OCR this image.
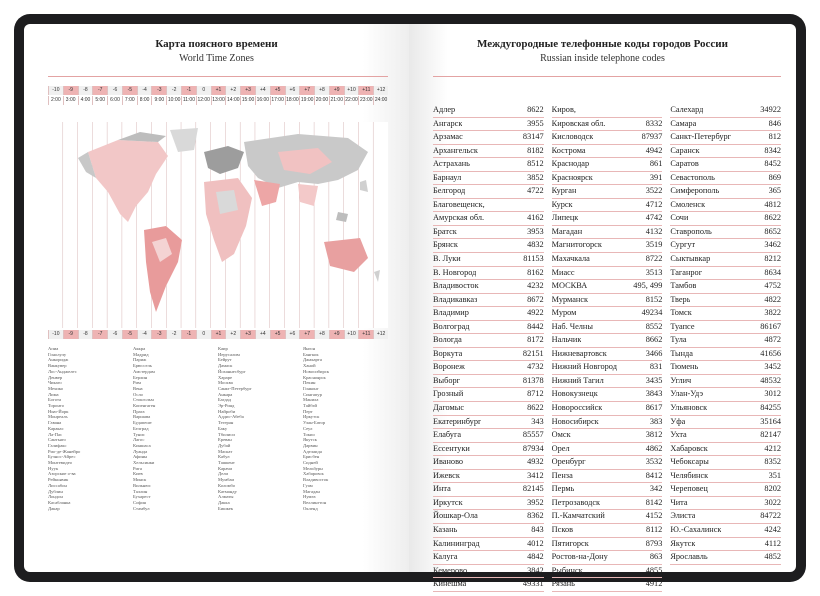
Карта поясного времени
World Time Zones
-10	-9	-8	-7	-6	-5	-4	-3	-2	-1	0	+1	+2	+3	+4	+5	+6	+7	+8	+9	+10	+11	+12
2:00	3:00	4:00	5:00	6:00	7:00	8:00	9:00 10:00 11:00 12:00 13:00 14:00 15:00 16:00 17:00 18:00 19:00 20:00 21:00 22:00 23:00 24:00
-10	-9	-8	-7	-6	-5	-4	-3	-2	-1	0	+1	+2	+3	+4	+5	+6	+7	+8	+9	+10	+11	+12
Апиа
Гонолулу
Анкоридж
Ванкувер
Лос-Анджелес
Денвер
Чикаго
Мехико
Лима
Богота
Торонто
Нью-Йорк
Монреаль
Гавана
Каракас
Ла-Пас
Сантьяго
Галифакс
Рио-де-Жанейро
Буэнос-Айрес
Монтевидео
Нуук
Азорские о-ва
Рейкьявик
Лиссабон
Дублин
Лондон
Касабланка
Дакар
Аккра
Мадрид
Париж
Брюссель
Амстердам
Берлин
Рим
Вена
Осло
Стокгольм
Копенгаген
Прага
Варшава
Будапешт
Белград
Тунис
Лагос
Киншаса
Луанда
Афины
Хельсинки
Рига
Киев
Минск
Вильнюс
Таллин
Бухарест
София
Стамбул
Каир
Иерусалим
Бейрут
Дамаск
Йоханнесбург
Хараре
Москва
Санкт-Петербург
Анкара
Багдад
Эр-Рияд
Найроби
Аддис-Абеба
Тегеран
Баку
Тбилиси
Ереван
Дубай
Маскат
Кабул
Ташкент
Карачи
Дели
Мумбаи
Коломбо
Катманду
Алматы
Дакка
Бишкек
Янгон
Бангкок
Джакарта
Ханой
Новосибирск
Красноярск
Пекин
Гонконг
Сингапур
Манила
Тайбэй
Перт
Иркутск
Улан-Батор
Сеул
Токио
Якутск
Дарвин
Аделаида
Брисбен
Сидней
Мельбурн
Хабаровск
Владивосток
Гуам
Магадан
Нумеа
Веллингтон
Окленд
Междугородные телефонные коды городов России
Russian inside telephone codes
Адлер	8622
Ангарск	3955
Арзамас	83147
Архангельск	8182
Астрахань	8512
Барнаул	3852
Белгород	4722
Благовещенск,
Амурская обл.	4162
Братск	3953
Брянск	4832
В. Луки	81153
В. Новгород	8162
Владивосток	4232
Владикавказ	8672
Владимир	4922
Волгоград	8442
Вологда	8172
Воркута	82151
Воронеж	4732
Выборг	81378
Грозный	8712
Дагомыс	8622
Екатеринбург	343
Елабуга	85557
Ессентуки	87934
Иваново	4932
Ижевск	3412
Инта	82145
Иркутск	3952
Йошкар-Ола	8362
Казань	843
Калининград	4012
Калуга	4842
Кемерово	3842
Кинешма	49331
Киров,
Кировская обл.	8332
Кисловодск	87937
Кострома	4942
Краснодар	861
Красноярск	391
Курган	3522
Курск	4712
Липецк	4742
Магадан	4132
Магнитогорск	3519
Махачкала	8722
Миасс	3513
МОСКВА	495, 499
Мурманск	8152
Муром	49234
Наб. Челны	8552
Нальчик	8662
Нижневартовск	3466
Нижний Новгород	831
Нижний Тагил	3435
Новокузнецк	3843
Новороссийск	8617
Новосибирск	383
Омск	3812
Орел	4862
Оренбург	3532
Пенза	8412
Пермь	342
Петрозаводск	8142
П.-Камчатский	4152
Псков	8112
Пятигорск	8793
Ростов-на-Дону	863
Рыбинск	4855
Рязань	4912
Салехард	34922
Самара	846
Санкт-Петербург	812
Саранск	8342
Саратов	8452
Севастополь	869
Симферополь	365
Смоленск	4812
Сочи	8622
Ставрополь	8652
Сургут	3462
Сыктывкар	8212
Таганрог	8634
Тамбов	4752
Тверь	4822
Томск	3822
Туапсе	86167
Тула	4872
Тында	41656
Тюмень	3452
Углич	48532
Улан-Удэ	3012
Ульяновск	84255
Уфа	35164
Ухта	82147
Хабаровск	4212
Чебоксары	8352
Челябинск	351
Череповец	8202
Чита	3022
Элиста	84722
Ю.-Сахалинск	4242
Якутск	4112
Ярославль	4852
